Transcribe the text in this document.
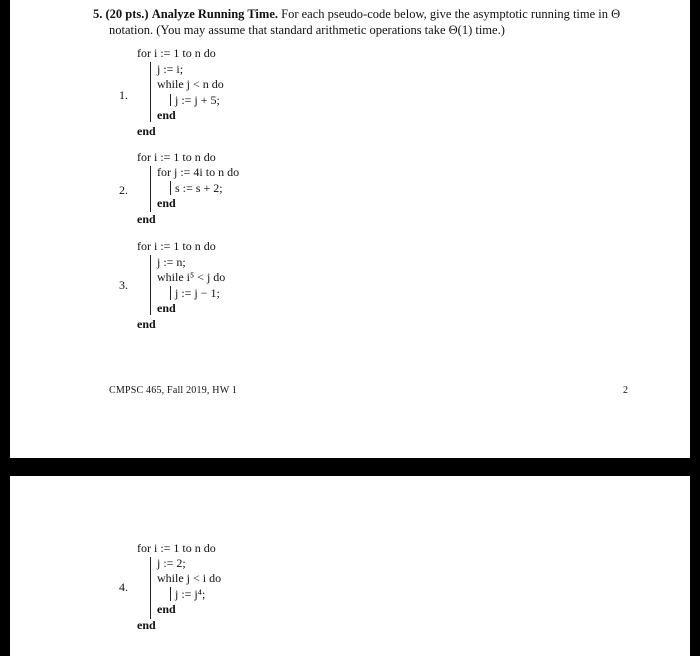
5. (20 pts.) Analyze Running Time. For each pseudo-code below, give the asymptotic running time in Θ
notation. (You may assume that standard arithmetic operations take Θ(1) time.)
1.
for i := 1 to n do
j := i;
while j < n do
j := j + 5;
end
end
2.
for i := 1 to n do
for j := 4i to n do
s := s + 2;
end
end
3.
for i := 1 to n do
j := n;
while i⁵ < j do
j := j − 1;
end
end
CMPSC 465, Fall 2019, HW 1	2
4.
for i := 1 to n do
j := 2;
while j < i do
j := j⁴;
end
end
